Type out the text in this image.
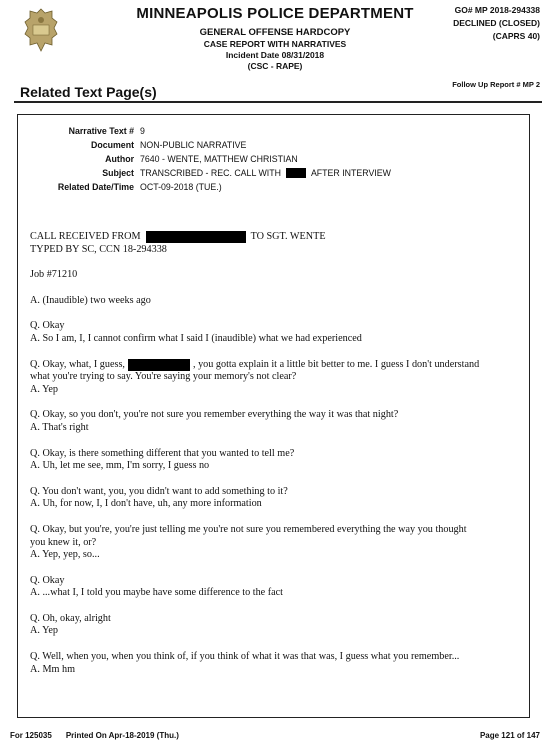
MINNEAPOLIS POLICE DEPARTMENT
GENERAL OFFENSE HARDCOPY
CASE REPORT WITH NARRATIVES
Incident Date 08/31/2018
(CSC - RAPE)
GO# MP 2018-294338
DECLINED (CLOSED)
(CAPRS 40)
Related Text Page(s)	Follow Up Report # MP 2
Narrative Text # 9
Document NON-PUBLIC NARRATIVE
Author 7640 - WENTE, MATTHEW CHRISTIAN
Subject TRANSCRIBED - REC. CALL WITH	AFTER INTERVIEW
Related Date/Time OCT-09-2018 (TUE.)
CALL RECEIVED FROM	TO SGT. WENTE
TYPED BY SC, CCN 18-294338
Job #71210
A. (Inaudible) two weeks ago
Q. Okay
A. So I am, I, I cannot confirm what I said I (inaudible) what we had experienced
Q. Okay, what, I guess,	, you gotta explain it a little bit better to me. I guess I don't understand
what you're trying to say. You're saying your memory's not clear?
A. Yep
Q. Okay, so you don't, you're not sure you remember everything the way it was that night?
A. That's right
Q. Okay, is there something different that you wanted to tell me?
A. Uh, let me see, mm, I'm sorry, I guess no
Q. You don't want, you, you didn't want to add something to it?
A. Uh, for now, I, I don't have, uh, any more information
Q. Okay, but you're, you're just telling me you're not sure you remembered everything the way you thought
you knew it, or?
A. Yep, yep, so...
Q. Okay
A. ...what I, I told you maybe have some difference to the fact
Q. Oh, okay, alright
A. Yep
Q. Well, when you, when you think of, if you think of what it was that was, I guess what you remember...
A. Mm hm
For 125035 Printed On Apr-18-2019 (Thu.)	Page 121 of 147
